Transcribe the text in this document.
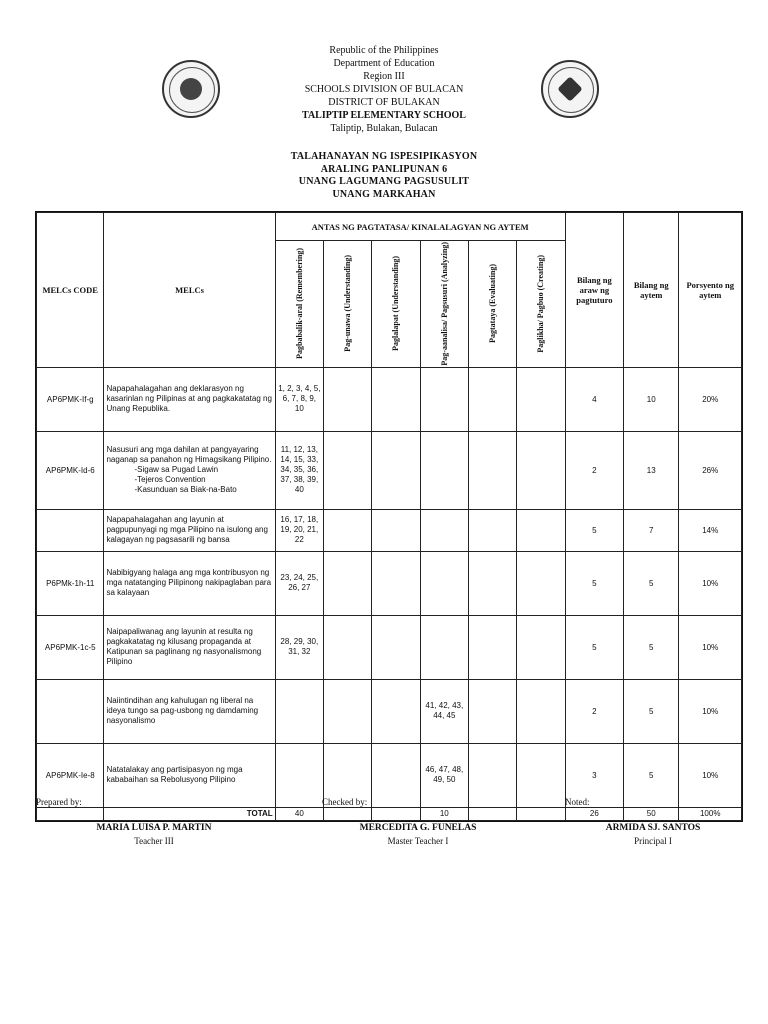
Republic of the Philippines
Department of Education
Region III
SCHOOLS DIVISION OF BULACAN
DISTRICT OF BULAKAN
TALIPTIP ELEMENTARY SCHOOL
Taliptip, Bulakan, Bulacan
TALAHANAYAN NG ISPESIPIKASYON
ARALING PANLIPUNAN 6
UNANG LAGUMANG PAGSUSULIT
UNANG MARKAHAN
MELCs CODE	MELCs	ANTAS NG PAGTATASA/ KINALALAGYAN NG AYTEM						Bilang ng araw ng pagtuturo	Bilang ng aytem	Porsyento ng aytem

		Pagbabalik-aral (Remembering)	Pag-unawa (Understanding)	Paglalapat (Understanding)	Pag-aanalisa/ Pagsusuri (Analyzing)	Pagtataya (Evaluating)	Paglikha/ Pagbuo (Creating)			

AP6PMK-If-g	Napapahalagahan ang deklarasyon ng kasarinlan ng Pilipinas at ang pagkakatatag ng Unang Republika.	1, 2, 3, 4, 5, 6, 7, 8, 9, 10						4	10	20%
AP6PMK-Id-6	Nasusuri ang mga dahilan at pangyayaring naganap sa panahon ng Himagsikang Pilipino.
-Sigaw sa Pugad Lawin
-Tejeros Convention
-Kasunduan sa Biak-na-Bato	11, 12, 13, 14, 15, 33, 34, 35, 36, 37, 38, 39, 40						2	13	26%
	Napapahalagahan ang layunin at pagpupunyagi ng mga Pilipino na isulong ang kalagayan ng pagsasarili ng bansa	16, 17, 18, 19, 20, 21, 22						5	7	14%
P6PMk-1h-11	Nabibigyang halaga ang mga kontribusyon ng mga natatanging Pilipinong nakipaglaban para sa kalayaan	23, 24, 25, 26, 27						5	5	10%
AP6PMK-1c-5	Naipapaliwanag ang layunin at resulta ng pagkakatatag ng kilusang propaganda at Katipunan sa paglinang ng nasyonalismong Pilipino	28, 29, 30, 31, 32						5	5	10%
	Naiintindihan ang kahulugan ng liberal na ideya tungo sa pag-usbong ng damdaming nasyonalismo				41, 42, 43, 44, 45			2	5	10%
AP6PMK-Ie-8	Natatalakay ang partisipasyon ng mga kababaihan sa Rebolusyong Pilipino				46, 47, 48, 49, 50			3	5	10%
	TOTAL	40			10			26	50	100%
Prepared by:	Checked by:	Noted:
MARIA LUISA P. MARTIN
Teacher III
MERCEDITA G. FUNELAS
Master Teacher I
ARMIDA SJ. SANTOS
Principal I
